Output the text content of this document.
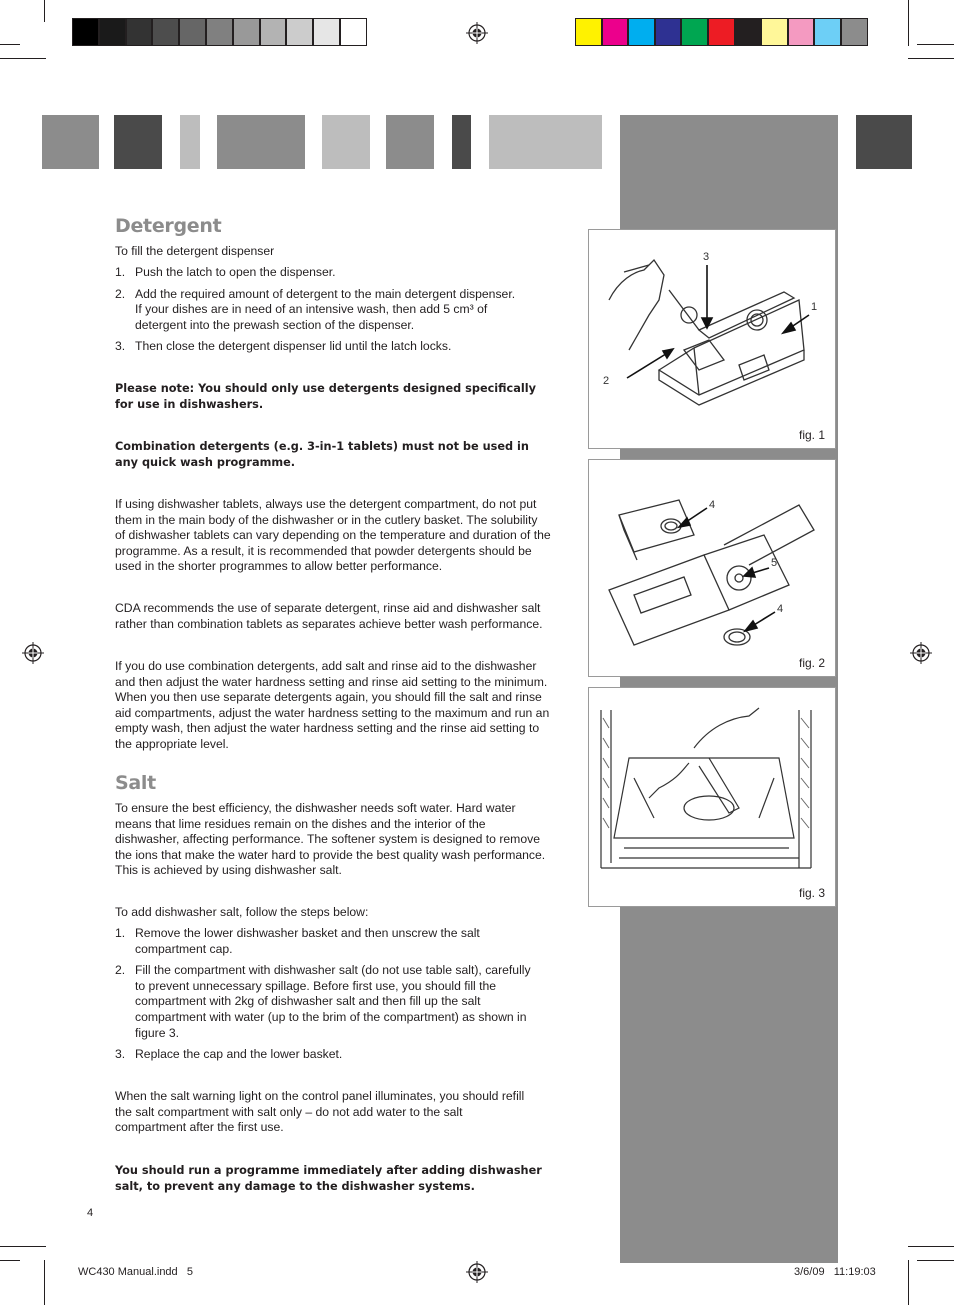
3
1
2
fig. 1
4
5
4
fig. 2
fig. 3
Detergent
To fill the detergent dispenser
1. Push the latch to open the dispenser.
2. Add the required amount of detergent to the main detergent dispenser. If your dishes are in need of an intensive wash, then add 5 cm³ of detergent into the prewash section of the dispenser.
3. Then close the detergent dispenser lid until the latch locks.
Please note: You should only use detergents designed specifically for use in dishwashers.
Combination detergents (e.g. 3-in-1 tablets) must not be used in any quick wash programme.
If using dishwasher tablets, always use the detergent compartment, do not put them in the main body of the dishwasher or in the cutlery basket. The solubility of dishwasher tablets can vary depending on the temperature and duration of the programme. As a result, it is recommended that powder detergents should be used in the shorter programmes to allow better performance.
CDA recommends the use of separate detergent, rinse aid and dishwasher salt rather than combination tablets as separates achieve better wash performance.
If you do use combination detergents, add salt and rinse aid to the dishwasher and then adjust the water hardness setting and rinse aid setting to the minimum. When you then use separate detergents again, you should fill the salt and rinse aid compartments, adjust the water hardness setting to the maximum and run an empty wash, then adjust the water hardness setting and the rinse aid setting to the appropriate level.
Salt
To ensure the best efficiency, the dishwasher needs soft water. Hard water means that lime residues remain on the dishes and the interior of the dishwasher, affecting performance. The softener system is designed to remove the ions that make the water hard to provide the best quality wash performance. This is achieved by using dishwasher salt.
To add dishwasher salt, follow the steps below:
1. Remove the lower dishwasher basket and then unscrew the salt compartment cap.
2. Fill the compartment with dishwasher salt (do not use table salt), carefully to prevent unnecessary spillage. Before first use, you should fill the compartment with 2kg of dishwasher salt and then fill up the salt compartment with water (up to the brim of the compartment) as shown in figure 3.
3. Replace the cap and the lower basket.
When the salt warning light on the control panel illuminates, you should refill the salt compartment with salt only – do not add water to the salt compartment after the first use.
You should run a programme immediately after adding dishwasher salt, to prevent any damage to the dishwasher systems.
4
WC430 Manual.indd   5	3/6/09   11:19:03
